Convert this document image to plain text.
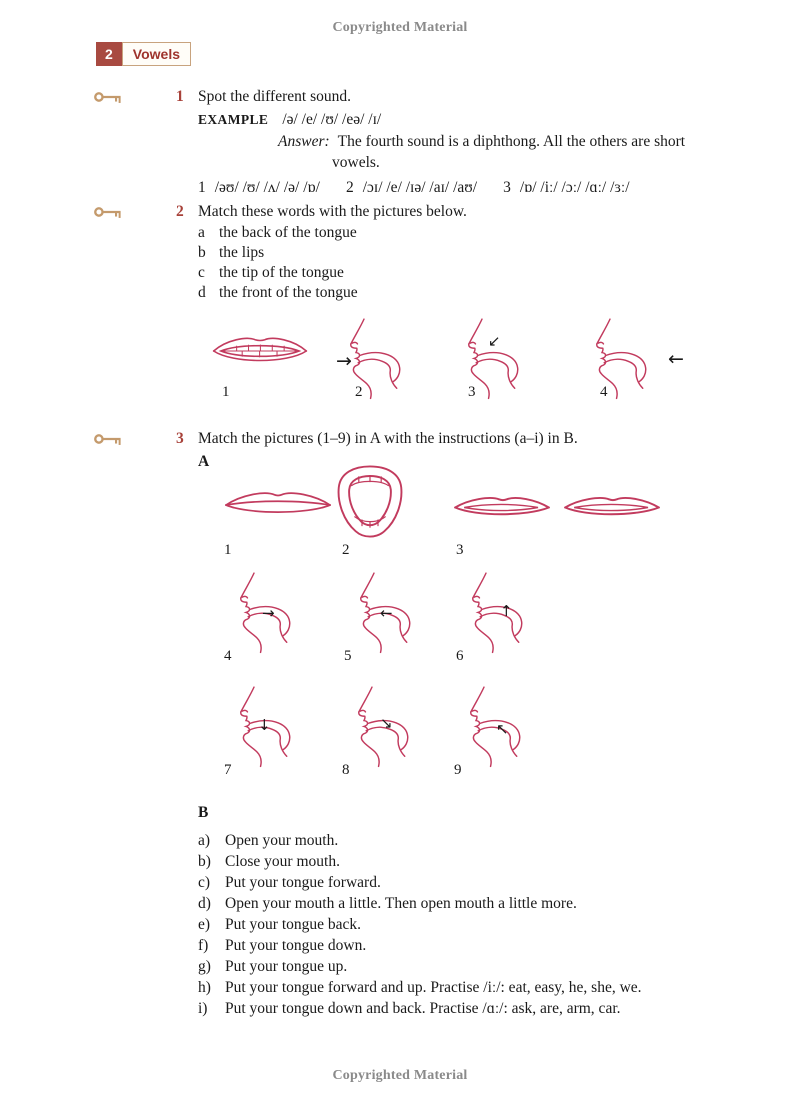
Copyrighted Material
2	Vowels
1 Spot the different sound.
EXAMPLE /ə/ /e/ /ʊ/ /eə/ /ɪ/
Answer: The fourth sound is a diphthong. All the others are short vowels.
1 /əʊ/ /ʊ/ /ʌ/ /ə/ /ɒ/ 2 /ɔɪ/ /e/ /ɪə/ /aɪ/ /aʊ/ 3 /ɒ/ /iː/ /ɔː/ /ɑː/ /ɜː/
2 Match these words with the pictures below.
a the back of the tongue
b the lips
c the tip of the tongue
d the front of the tongue
→
↙
←
1	2	3	4
3 Match the pictures (1–9) in A with the instructions (a–i) in B.
A
1	2	3
→	←	↑
4	5	6
↓	↘	↖
7	8	9
B
a) Open your mouth.
b) Close your mouth.
c) Put your tongue forward.
d) Open your mouth a little. Then open mouth a little more.
e) Put your tongue back.
f) Put your tongue down.
g) Put your tongue up.
h) Put your tongue forward and up. Practise /iː/: eat, easy, he, she, we.
i) Put your tongue down and back. Practise /ɑː/: ask, are, arm, car.
Copyrighted Material
